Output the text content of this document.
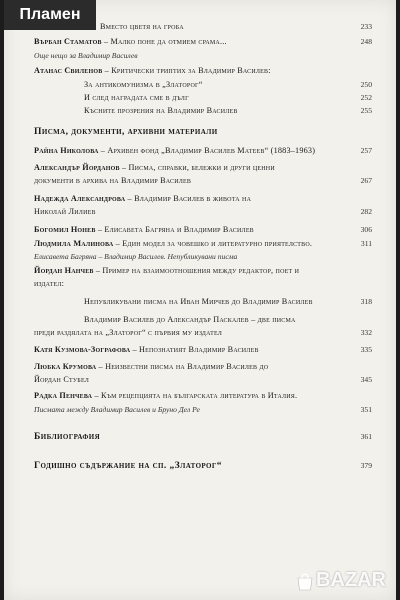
Пламен
Вместо цветя на гроба	233
Върбан Стаматов – Малко поне да отмием срама...	248
Още нещо за Владимир Василев
Атанас Свиленов – Критически триптих за Владимир Василев:
За антикомунизма в „Златорог“	250
И след наградата сме в дълг	252
Късните прозрения на Владимир Василев	255
Писма, документи, архивни материали
Райна Николова – Архивен фонд „Владимир Василев Матеев“ (1883–1963)	257
Александър Йорданов – Писма, справки, бележки и други ценни
документи в архива на Владимир Василев	267
Надежда Александрова – Владимир Василев в живота на
Николай Лилиев	282
Богомил Нонев – Елисавета Багряна и Владимир Василев	306
Людмила Малинова – Един модел за човешко и литературно приятелство.	311
Елисавета Багряна – Владимир Василев. Непубликувани писма
Йордан Нанчев – Пример на взаимоотношения между редактор, поет и
издател:
Непубликувани писма на Иван Мирчев до Владимир Василев	318
Владимир Василев до Александър Паскалев – две писма
преди раздялата на „Златорог“ с първия му издател	332
Катя Кузмова-Зографова – Непознатият Владимир Василев	335
Любка Крумова – Неизвестни писма на Владимир Василев до
Йордан Стубел	345
Радка Пенчева – Към рецепцията на българската литература в Италия.
Писмата между Владимир Василев и Бруно Дел Ре	351
Библиография	361
Годишно съдържание на сп. „Златорог“	379
BAZAR
